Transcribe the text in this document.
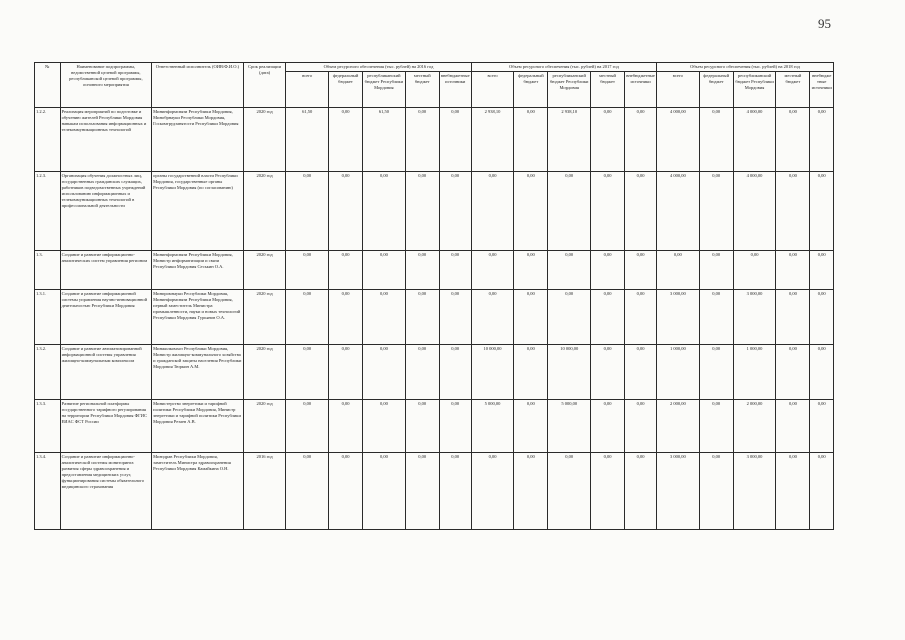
95
№	Наименование подпрограммы, ведомственной целевой программы, республиканской целевой программы, основного мероприятия	Ответственный исполнитель (ОИВ/Ф.И.О.)	Срок реализации (дата)	Объем ресурсного обеспечения (тыс. рублей) на 2016 год					Объем ресурсного обеспечения (тыс. рублей) на 2017 год					Объем ресурсного обеспечения (тыс. рублей) на 2018 год				
				всего	федеральный бюджет	республиканский бюджет Республики Мордовия	местный бюджет	внебюджетные источники	всего	федеральный бюджет	республиканский бюджет Республики Мордовия	местный бюджет	внебюджетные источники	всего	федеральный бюджет	республиканский бюджет Республики Мордовия	местный бюджет	внебюджетные источники
1.2.2.	Реализация мероприятий по подготовке и обучению жителей Республики Мордовия навыкам использования информационных и телекоммуникационных технологий	Мининформсвязи Республики Мордовия, Минобрнауки Республики Мордовия, Госкомтрудзанятости Республики Мордовия	2020 год	61,50	0,00	61,50	0,00	0,00	2 938,10	0,00	2 938,10	0,00	0,00	4 000,00	0,00	4 000,00	0,00	0,00
1.2.3.	Организация обучения должностных лиц, государственных гражданских служащих, работников подведомственных учреждений использованию информационных и телекоммуникационных технологий в профессиональной деятельности	органы государственной власти Республики Мордовия, государственные органы Республики Мордовия (по согласованию)	2020 год	0,00	0,00	0,00	0,00	0,00	0,00	0,00	0,00	0,00	0,00	4 000,00	0,00	4 000,00	0,00	0,00
1.3.	Создание и развитие информационно-аналитических систем управления регионом	Мининформсвязи Республики Мордовия, Министр информатизации и связи Республики Мордовия Сеськин О.А.	2020 год	0,00	0,00	0,00	0,00	0,00	0,00	0,00	0,00	0,00	0,00	0,00	0,00	0,00	0,00	0,00
1.3.1.	Создание и развитие информационной системы управления научно-инновационной деятельностью Республики Мордовия	Минпромнауки Республики Мордовия, Мининформсвязи Республики Мордовия, первый заместитель Министра промышленности, науки и новых технологий Республики Мордовия Гурьянов О.А.	2020 год	0,00	0,00	0,00	0,00	0,00	0,00	0,00	0,00	0,00	0,00	3 000,00	0,00	3 000,00	0,00	0,00
1.3.2.	Создание и развитие автоматизированной информационной системы управления жилищно-коммунальным комплексом	Минжилкомхоз Республики Мордовия, Министр жилищно-коммунального хозяйства и гражданской защиты населения Республики Мордовия Тюркин А.М.	2020 год	0,00	0,00	0,00	0,00	0,00	10 000,00	0,00	10 000,00	0,00	0,00	1 000,00	0,00	1 000,00	0,00	0,00
1.3.3.	Развитие региональной платформы государственного тарифного регулирования на территории Республики Мордовия ФГИС ЕИАС ФСТ России	Министерство энергетики и тарифной политики Республики Мордовия, Министр энергетики и тарифной политики Республики Мордовия Резаев А.В.	2020 год	0,00	0,00	0,00	0,00	0,00	5 000,00	0,00	5 000,00	0,00	0,00	2 000,00	0,00	2 000,00	0,00	0,00
1.3.4.	Создание и развитие информационно-аналитической системы мониторинга развития сферы здравоохранения и предоставления медицинских услуг, функционирования системы обязательного медицинского страхования	Минздрав Республики Мордовия, заместитель Министра здравоохранения Республики Мордовия Камайкина О.Н.	2016 год	0,00	0,00	0,00	0,00	0,00	0,00	0,00	0,00	0,00	0,00	3 000,00	0,00	3 000,00	0,00	0,00
